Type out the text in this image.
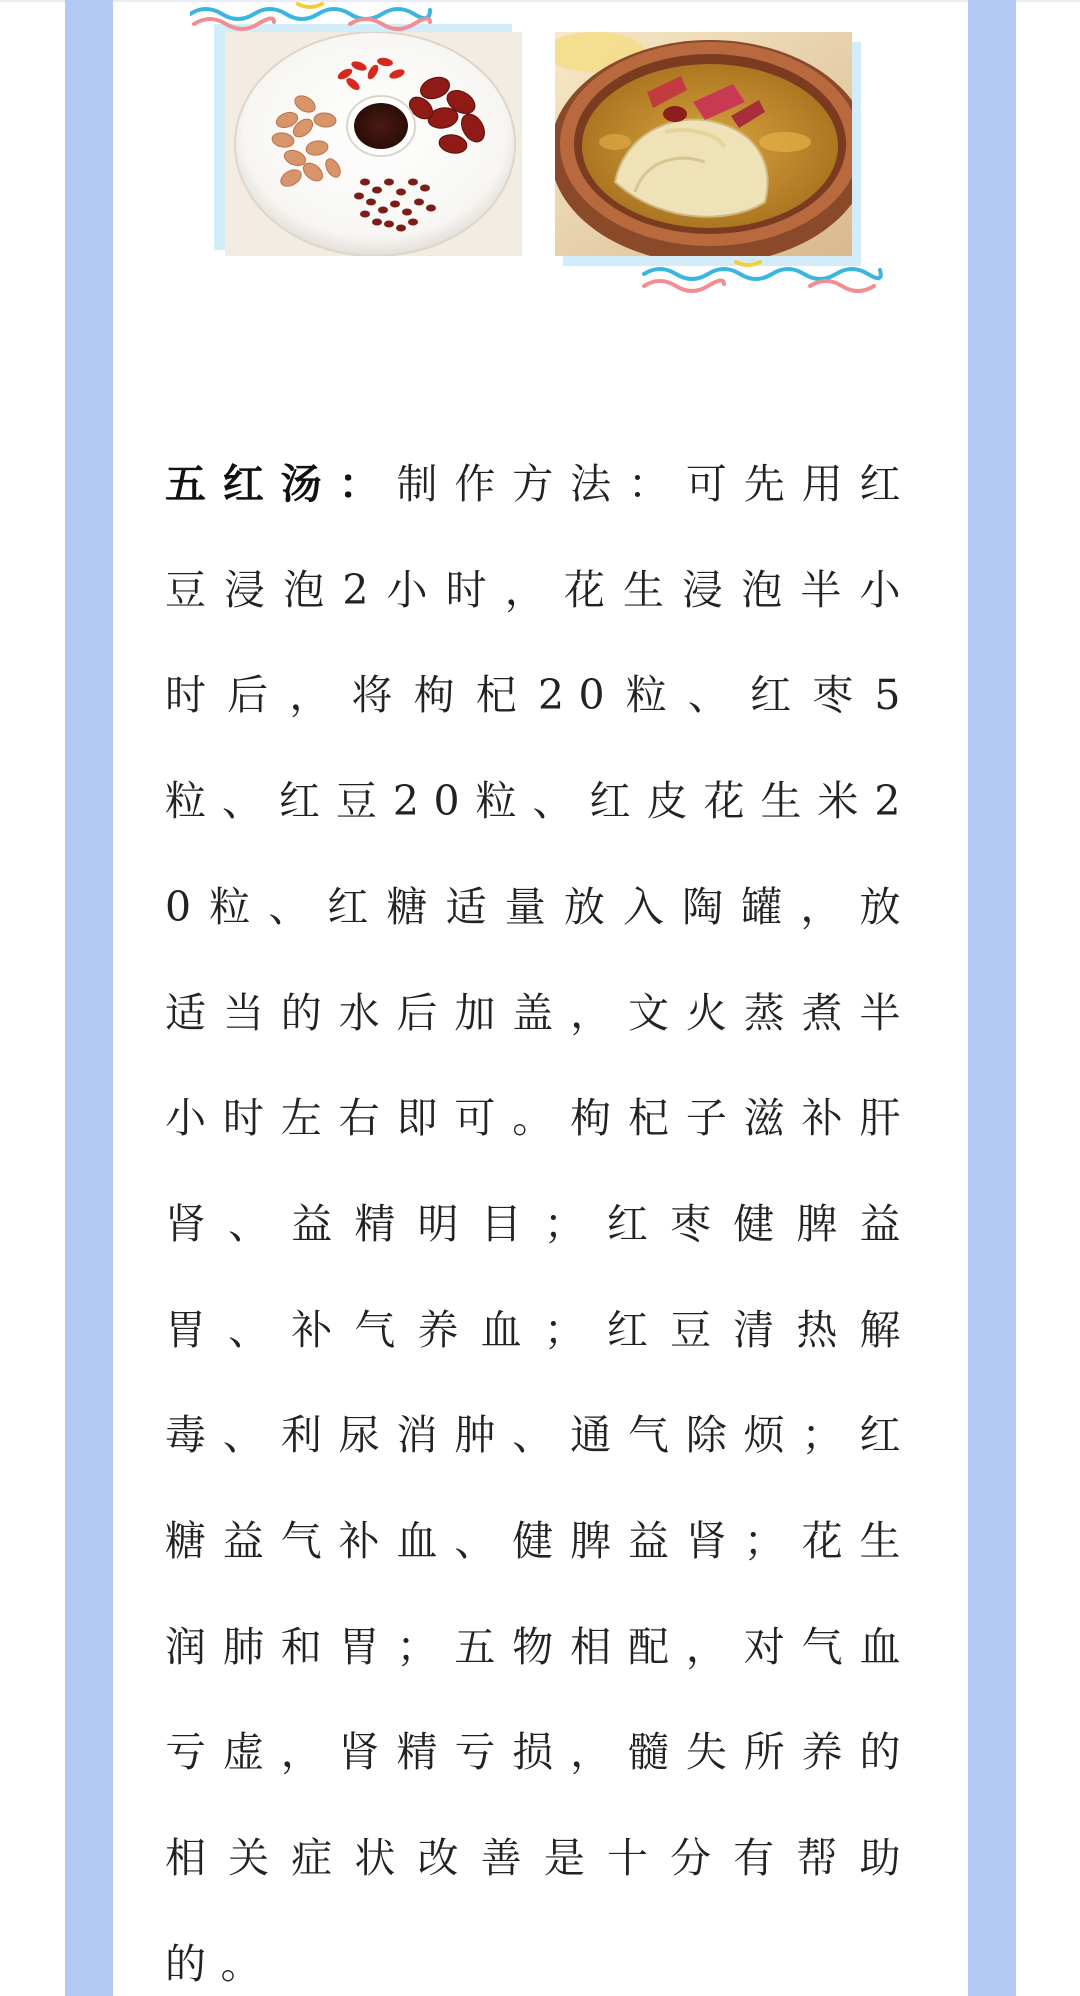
五红汤：制作方法：可先用红豆浸泡2小时，花生浸泡半小时后，将枸杞20粒、红枣5粒、红豆20粒、红皮花生米20粒、红糖适量放入陶罐，放适当的水后加盖，文火蒸煮半小时左右即可。枸杞子滋补肝肾、益精明目；红枣健脾益胃、补气养血；红豆清热解毒、利尿消肿、通气除烦；红糖益气补血、健脾益肾；花生润肺和胃；五物相配，对气血亏虚，肾精亏损，髓失所养的相关症状改善是十分有帮助的。
